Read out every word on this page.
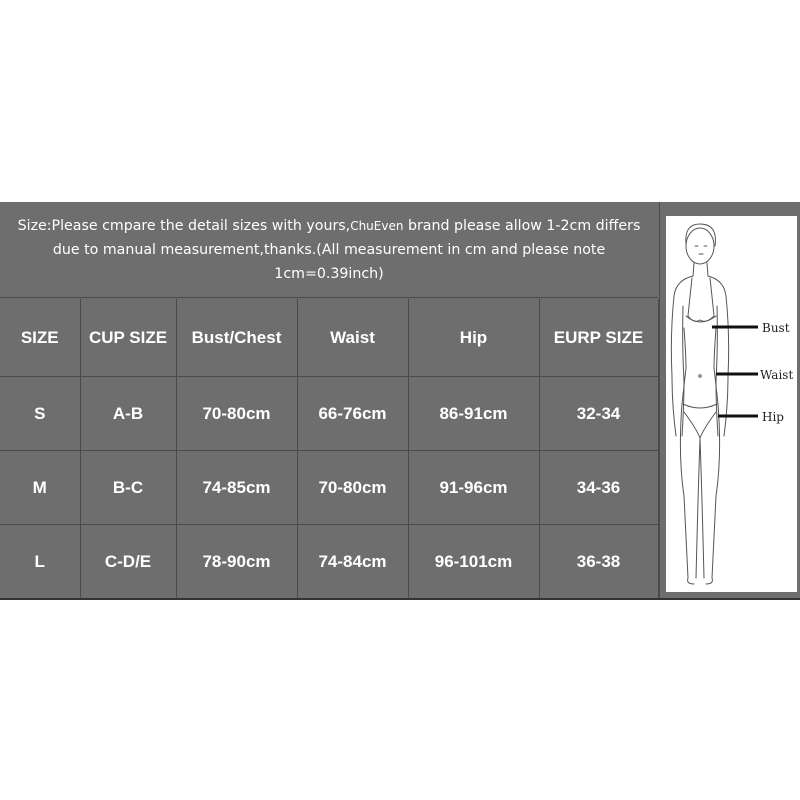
Size:Please cmpare the detail sizes with yours,ChuEven brand please allow 1-2cm differs due to manual measurement,thanks.(All measurement in cm and please note 1cm=0.39inch)
SIZE	CUP SIZE	Bust/Chest	Waist	Hip	EURP SIZE
S	A-B	70-80cm	66-76cm	86-91cm	32-34
M	B-C	74-85cm	70-80cm	91-96cm	34-36
L	C-D/E	78-90cm	74-84cm	96-101cm	36-38
Bust
Waist
Hip
